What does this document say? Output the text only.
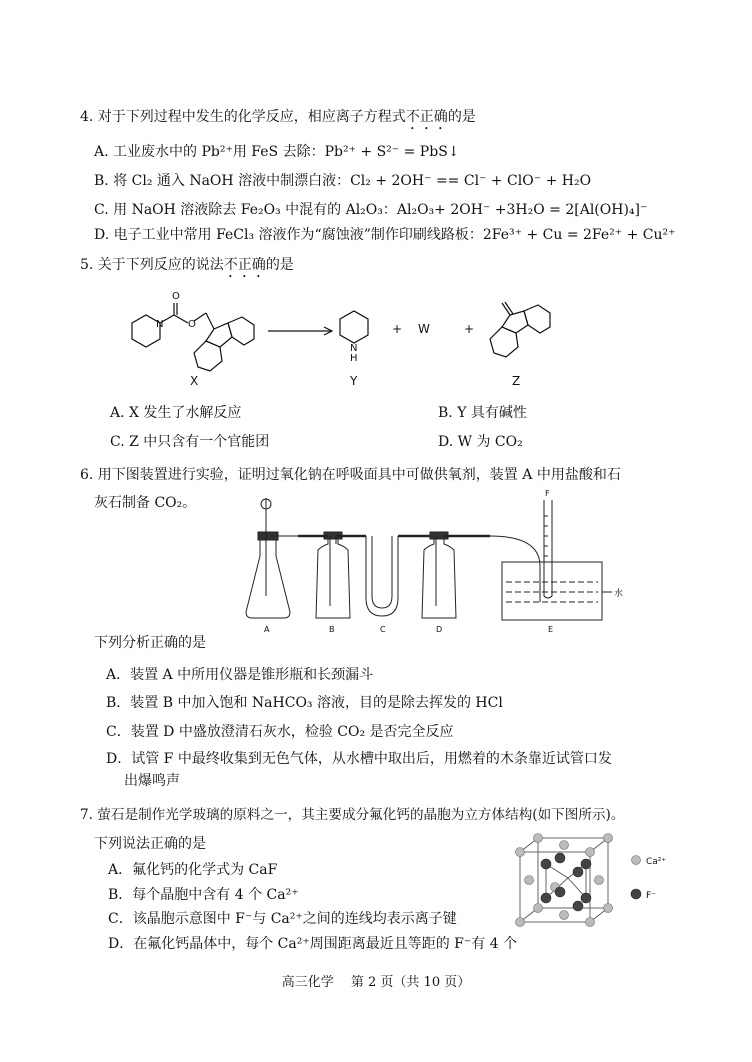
4. 对于下列过程中发生的化学反应，相应离子方程式不正确的是
A. 工业废水中的 Pb²⁺用 FeS 去除：Pb²⁺ + S²⁻ = PbS↓
B. 将 Cl₂ 通入 NaOH 溶液中制漂白液：Cl₂ + 2OH⁻ == Cl⁻ + ClO⁻ + H₂O
C. 用 NaOH 溶液除去 Fe₂O₃ 中混有的 Al₂O₃：Al₂O₃+ 2OH⁻ +3H₂O = 2[Al(OH)₄]⁻
D. 电子工业中常用 FeCl₃ 溶液作为“腐蚀液”制作印刷线路板：2Fe³⁺ + Cu = 2Fe²⁺ + Cu²⁺
5. 关于下列反应的说法不正确的是
O
O
N
N
H
+ W	+
X	Y	Z
A. X 发生了水解反应	B. Y 具有碱性
C. Z 中只含有一个官能团	D. W 为 CO₂
6. 用下图装置进行实验，证明过氧化钠在呼吸面具中可做供氧剂，装置 A 中用盐酸和石
灰石制备 CO₂。
A	B	C	D	E
F
水
下列分析正确的是
A．装置 A 中所用仪器是锥形瓶和长颈漏斗
B．装置 B 中加入饱和 NaHCO₃ 溶液，目的是除去挥发的 HCl
C．装置 D 中盛放澄清石灰水，检验 CO₂ 是否完全反应
D．试管 F 中最终收集到无色气体，从水槽中取出后，用燃着的木条靠近试管口发
出爆鸣声
7. 萤石是制作光学玻璃的原料之一，其主要成分氟化钙的晶胞为立方体结构(如下图所示)。
下列说法正确的是
A．氟化钙的化学式为 CaF
B．每个晶胞中含有 4 个 Ca²⁺
C．该晶胞示意图中 F⁻与 Ca²⁺之间的连线均表示离子键
D．在氟化钙晶体中，每个 Ca²⁺周围距离最近且等距的 F⁻有 4 个
Ca²⁺
F⁻
高三化学　 第 2 页（共 10 页）
